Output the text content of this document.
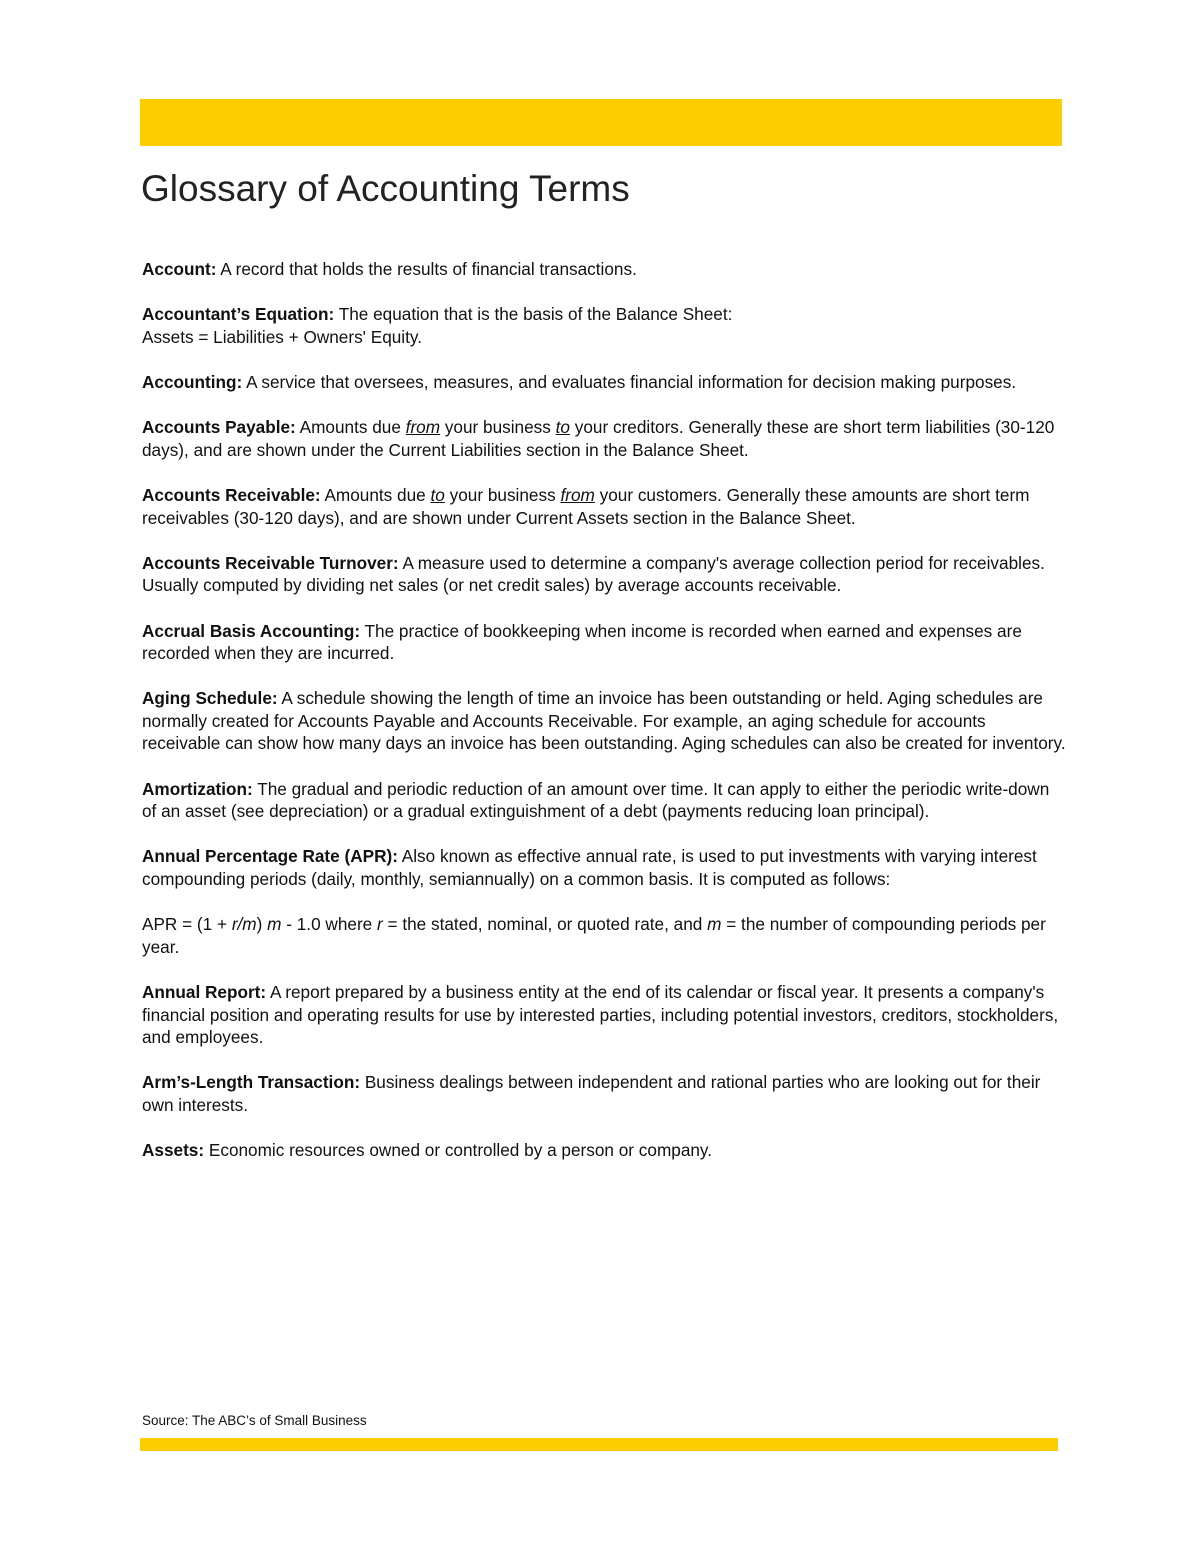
Glossary of Accounting Terms

Account: A record that holds the results of financial transactions.

Accountant’s Equation: The equation that is the basis of the Balance Sheet:
Assets = Liabilities + Owners' Equity.

Accounting: A service that oversees, measures, and evaluates financial information for decision making purposes.

Accounts Payable: Amounts due from your business to your creditors. Generally these are short term liabilities (30-120 days), and are shown under the Current Liabilities section in the Balance Sheet.

Accounts Receivable: Amounts due to your business from your customers. Generally these amounts are short term receivables (30-120 days), and are shown under Current Assets section in the Balance Sheet.

Accounts Receivable Turnover: A measure used to determine a company's average collection period for receivables. Usually computed by dividing net sales (or net credit sales) by average accounts receivable.

Accrual Basis Accounting: The practice of bookkeeping when income is recorded when earned and expenses are recorded when they are incurred.

Aging Schedule: A schedule showing the length of time an invoice has been outstanding or held. Aging schedules are normally created for Accounts Payable and Accounts Receivable. For example, an aging schedule for accounts receivable can show how many days an invoice has been outstanding. Aging schedules can also be created for inventory.

Amortization: The gradual and periodic reduction of an amount over time. It can apply to either the periodic write-down of an asset (see depreciation) or a gradual extinguishment of a debt (payments reducing loan principal).

Annual Percentage Rate (APR): Also known as effective annual rate, is used to put investments with varying interest compounding periods (daily, monthly, semiannually) on a common basis. It is computed as follows:

APR = (1 + r/m) m - 1.0 where r = the stated, nominal, or quoted rate, and m = the number of compounding periods per year.

Annual Report: A report prepared by a business entity at the end of its calendar or fiscal year. It presents a company's financial position and operating results for use by interested parties, including potential investors, creditors, stockholders, and employees.

Arm’s-Length Transaction: Business dealings between independent and rational parties who are looking out for their own interests.

Assets: Economic resources owned or controlled by a person or company.

Source: The ABC’s of Small Business
